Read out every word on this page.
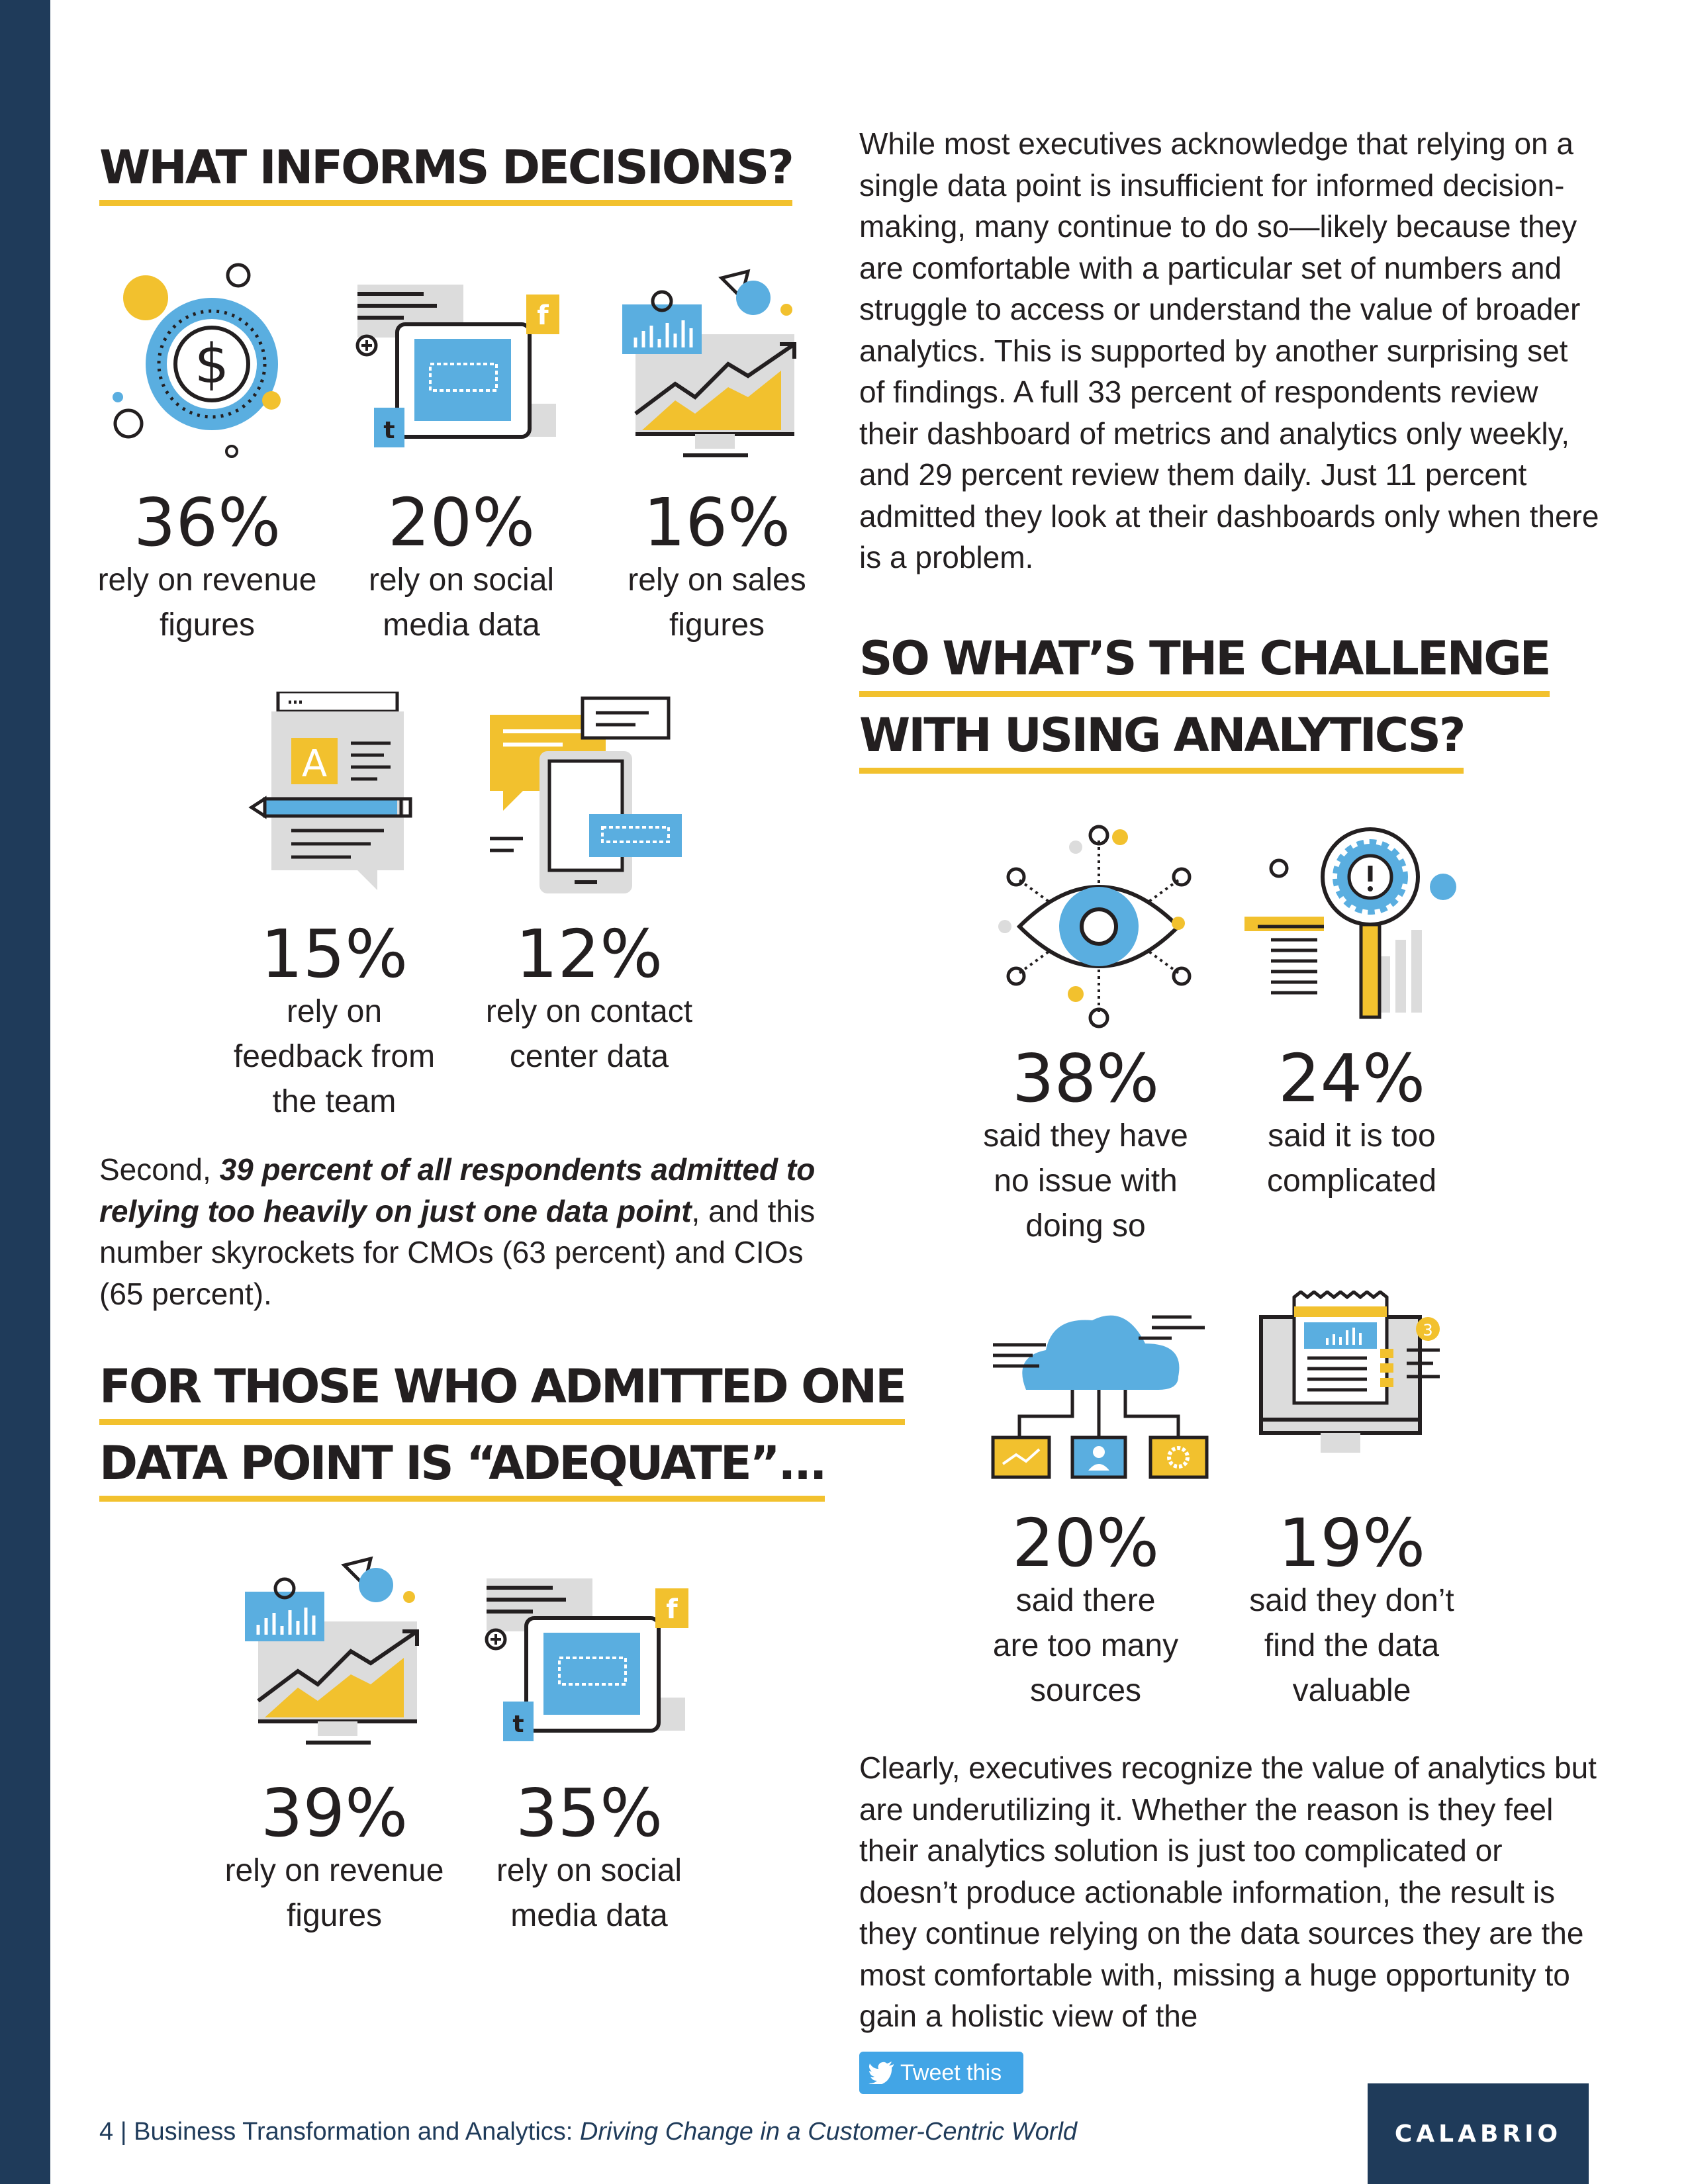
WHAT INFORMS DECISIONS?
$
f
t
36%
rely on revenue
figures
20%
rely on social
media data
16%
rely on sales
figures
A
15%
rely on
feedback from
the team
12%
rely on contact
center data
Second, 39 percent of all respondents admitted to relying too heavily on just one data point, and this number skyrockets for CMOs (63 percent) and CIOs (65 percent).
FOR THOSE WHO ADMITTED ONE
DATA POINT IS “ADEQUATE”...
f
t
39%
rely on revenue
figures
35%
rely on social
media data
While most executives acknowledge that relying on a single data point is insufficient for informed decision-making, many continue to do so—likely because they are comfortable with a particular set of numbers and struggle to access or understand the value of broader analytics. This is supported by another surprising set of findings. A full 33 percent of respondents review their dashboard of metrics and analytics only weekly, and 29 percent review them daily. Just 11 percent admitted they look at their dashboards only when there is a problem.
SO WHAT’S THE CHALLENGE
WITH USING ANALYTICS?
38%
said they have
no issue with
doing so
24%
said it is too
complicated
3
20%
said there
are too many
sources
19%
said they don’t
find the data
valuable
Clearly, executives recognize the value of analytics but are underutilizing it. Whether the reason is they feel their analytics solution is just too complicated or doesn’t produce actionable information, the result is they continue relying on the data sources they are the most comfortable with, missing a huge opportunity to gain a holistic view of the
Tweet this
4 | Business Transformation and Analytics: Driving Change in a Customer-Centric World	CALABRIO
